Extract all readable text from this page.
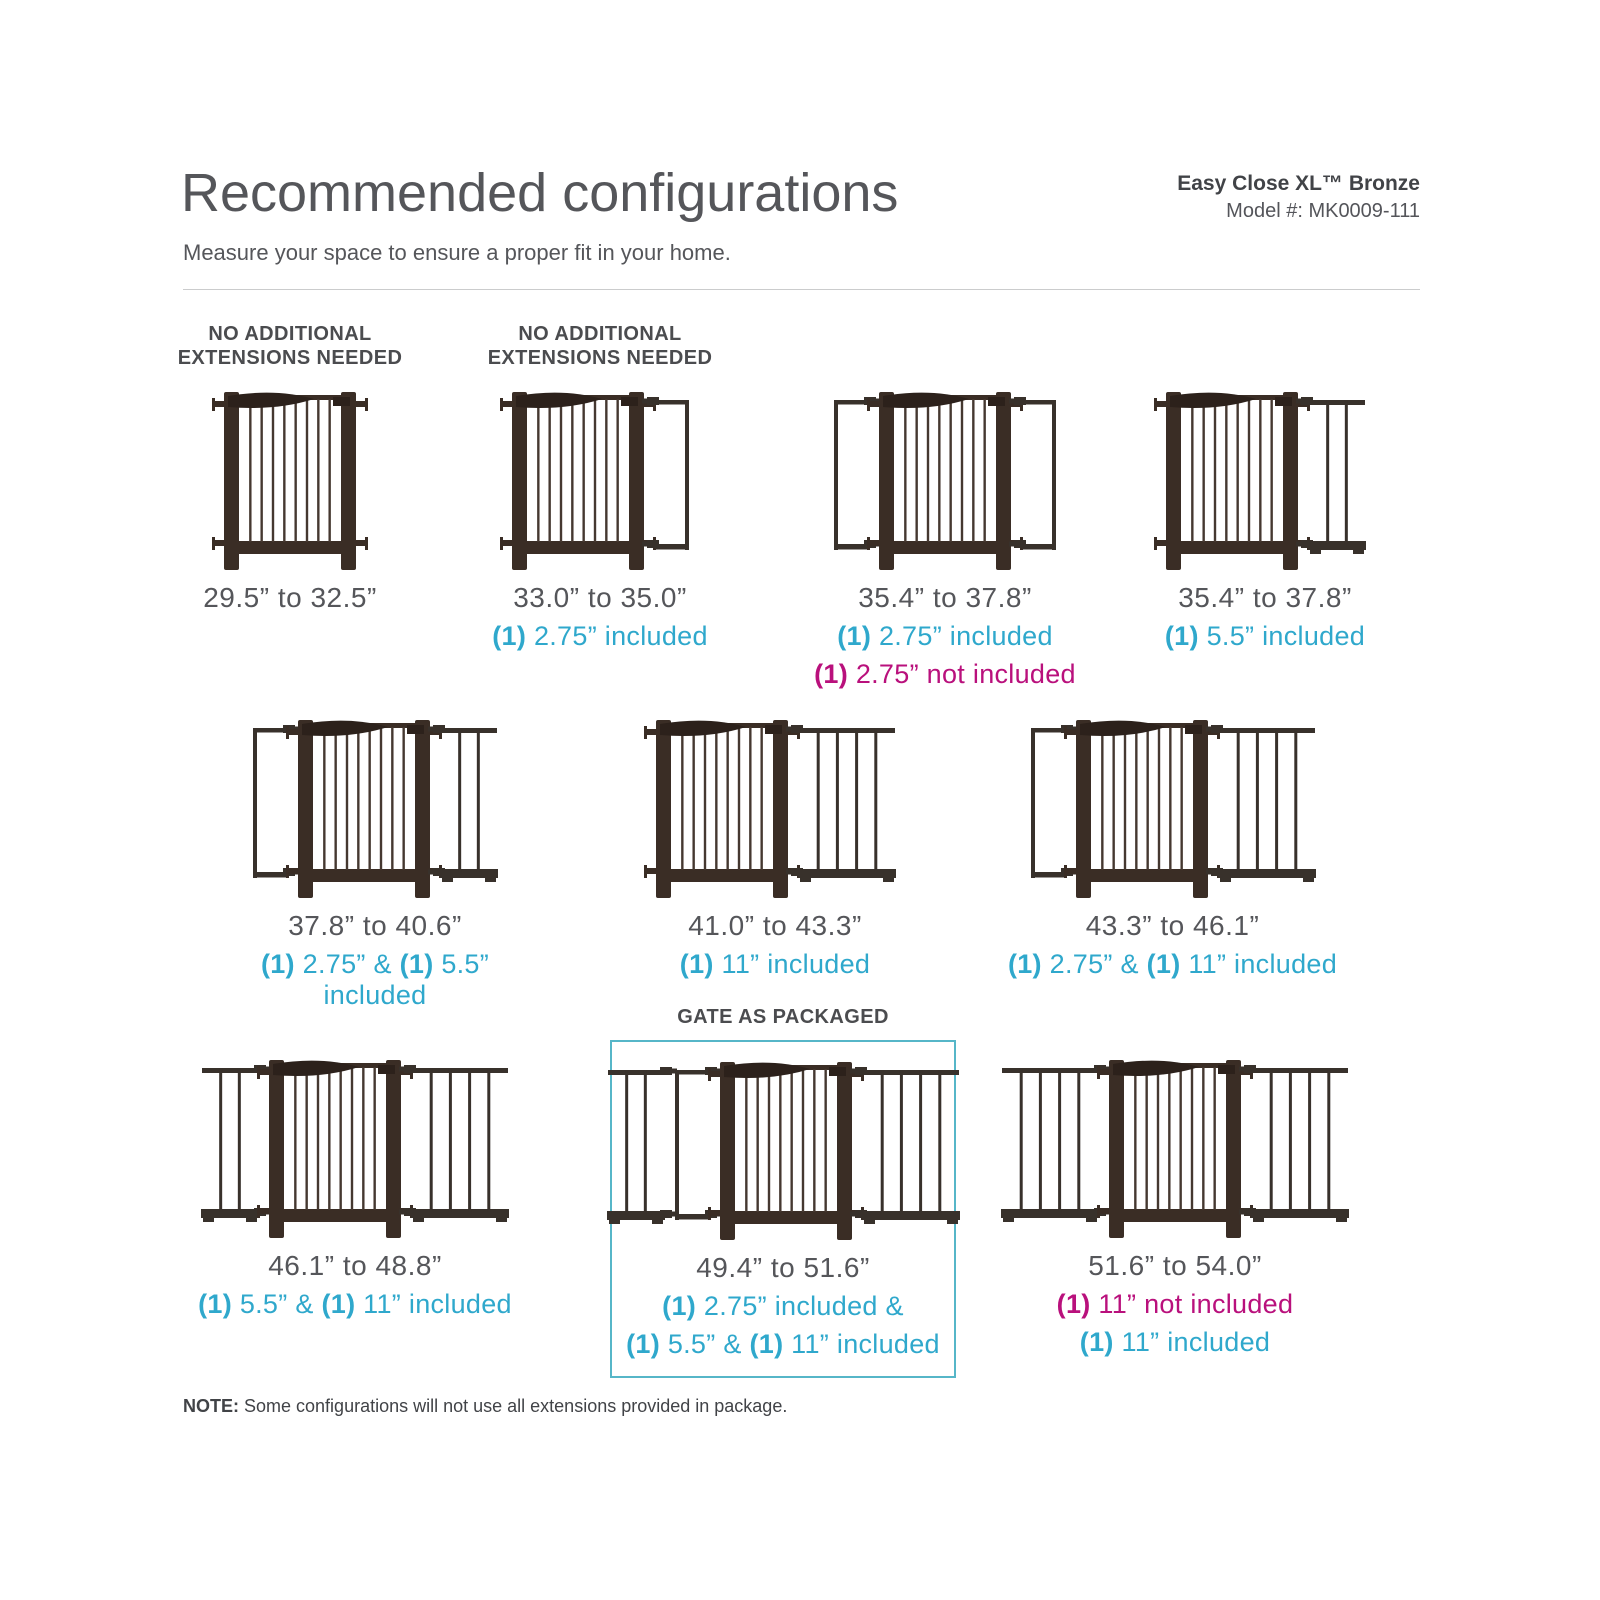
Recommended configurations
Measure your space to ensure a proper fit in your home.
Easy Close XL™ Bronze
Model #: MK0009-111
NO ADDITIONAL EXTENSIONS NEEDED
29.5” to 32.5”
NO ADDITIONAL EXTENSIONS NEEDED
33.0” to 35.0”
(1) 2.75” included
35.4” to 37.8”
(1) 2.75” included
(1) 2.75” not included
35.4” to 37.8”
(1) 5.5” included
37.8” to 40.6”
(1) 2.75” & (1) 5.5” included
41.0” to 43.3”
(1) 11” included
43.3” to 46.1”
(1) 2.75” & (1) 11” included
46.1” to 48.8”
(1) 5.5” & (1) 11” included
GATE AS PACKAGED
49.4” to 51.6”
(1) 2.75” included &
(1) 5.5” & (1) 11” included
51.6” to 54.0”
(1) 11” not included
(1) 11” included
NOTE: Some configurations will not use all extensions provided in package.
